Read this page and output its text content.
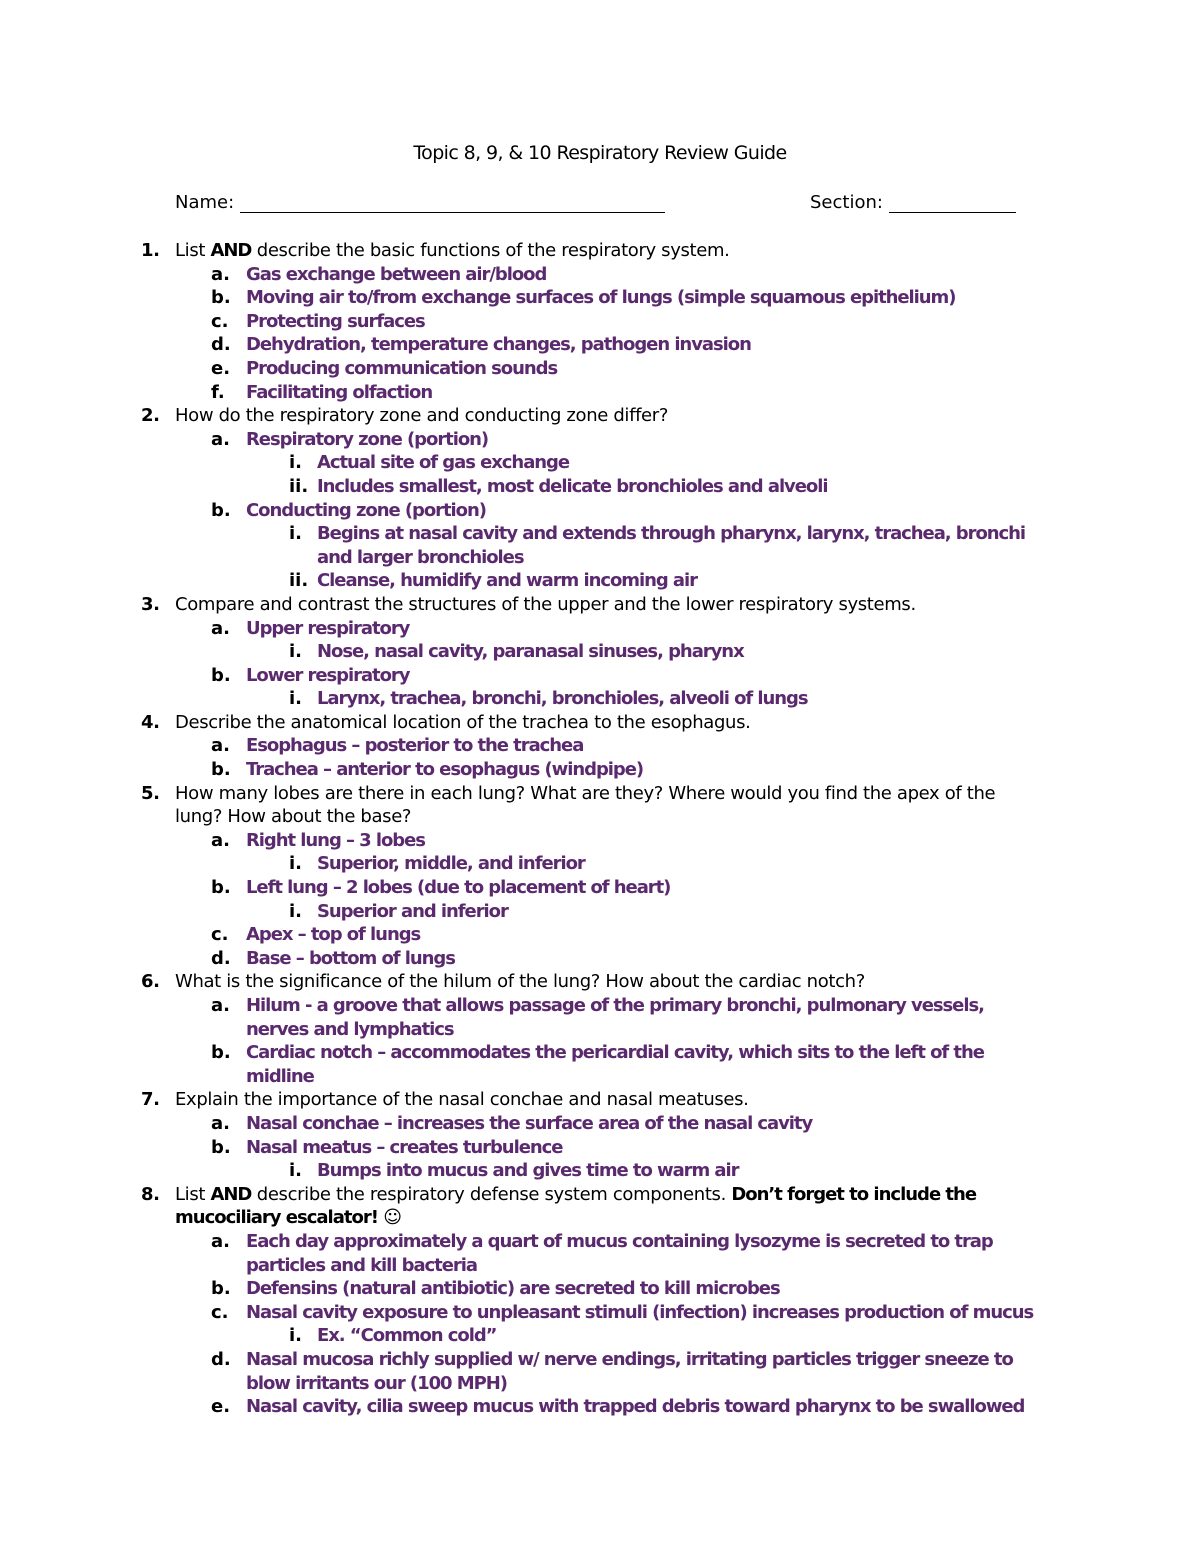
Topic 8, 9, & 10 Respiratory Review Guide
Name:	Section:
1. List AND describe the basic functions of the respiratory system.
a. Gas exchange between air/blood
b. Moving air to/from exchange surfaces of lungs (simple squamous epithelium)
c. Protecting surfaces
d. Dehydration, temperature changes, pathogen invasion
e. Producing communication sounds
f. Facilitating olfaction
2. How do the respiratory zone and conducting zone differ?
a. Respiratory zone (portion)
i. Actual site of gas exchange
ii. Includes smallest, most delicate bronchioles and alveoli
b. Conducting zone (portion)
i. Begins at nasal cavity and extends through pharynx, larynx, trachea, bronchi and larger bronchioles
ii. Cleanse, humidify and warm incoming air
3. Compare and contrast the structures of the upper and the lower respiratory systems.
a. Upper respiratory
i. Nose, nasal cavity, paranasal sinuses, pharynx
b. Lower respiratory
i. Larynx, trachea, bronchi, bronchioles, alveoli of lungs
4. Describe the anatomical location of the trachea to the esophagus.
a. Esophagus – posterior to the trachea
b. Trachea – anterior to esophagus (windpipe)
5. How many lobes are there in each lung? What are they? Where would you find the apex of the lung? How about the base?
a. Right lung – 3 lobes
i. Superior, middle, and inferior
b. Left lung – 2 lobes (due to placement of heart)
i. Superior and inferior
c. Apex – top of lungs
d. Base – bottom of lungs
6. What is the significance of the hilum of the lung? How about the cardiac notch?
a. Hilum - a groove that allows passage of the primary bronchi, pulmonary vessels, nerves and lymphatics
b. Cardiac notch – accommodates the pericardial cavity, which sits to the left of the midline
7. Explain the importance of the nasal conchae and nasal meatuses.
a. Nasal conchae – increases the surface area of the nasal cavity
b. Nasal meatus – creates turbulence
i. Bumps into mucus and gives time to warm air
8. List AND describe the respiratory defense system components. Don’t forget to include the mucociliary escalator! ☺
a. Each day approximately a quart of mucus containing lysozyme is secreted to trap particles and kill bacteria
b. Defensins (natural antibiotic) are secreted to kill microbes
c. Nasal cavity exposure to unpleasant stimuli (infection) increases production of mucus
i. Ex. “Common cold”
d. Nasal mucosa richly supplied w/ nerve endings, irritating particles trigger sneeze to blow irritants our (100 MPH)
e. Nasal cavity, cilia sweep mucus with trapped debris toward pharynx to be swallowed
